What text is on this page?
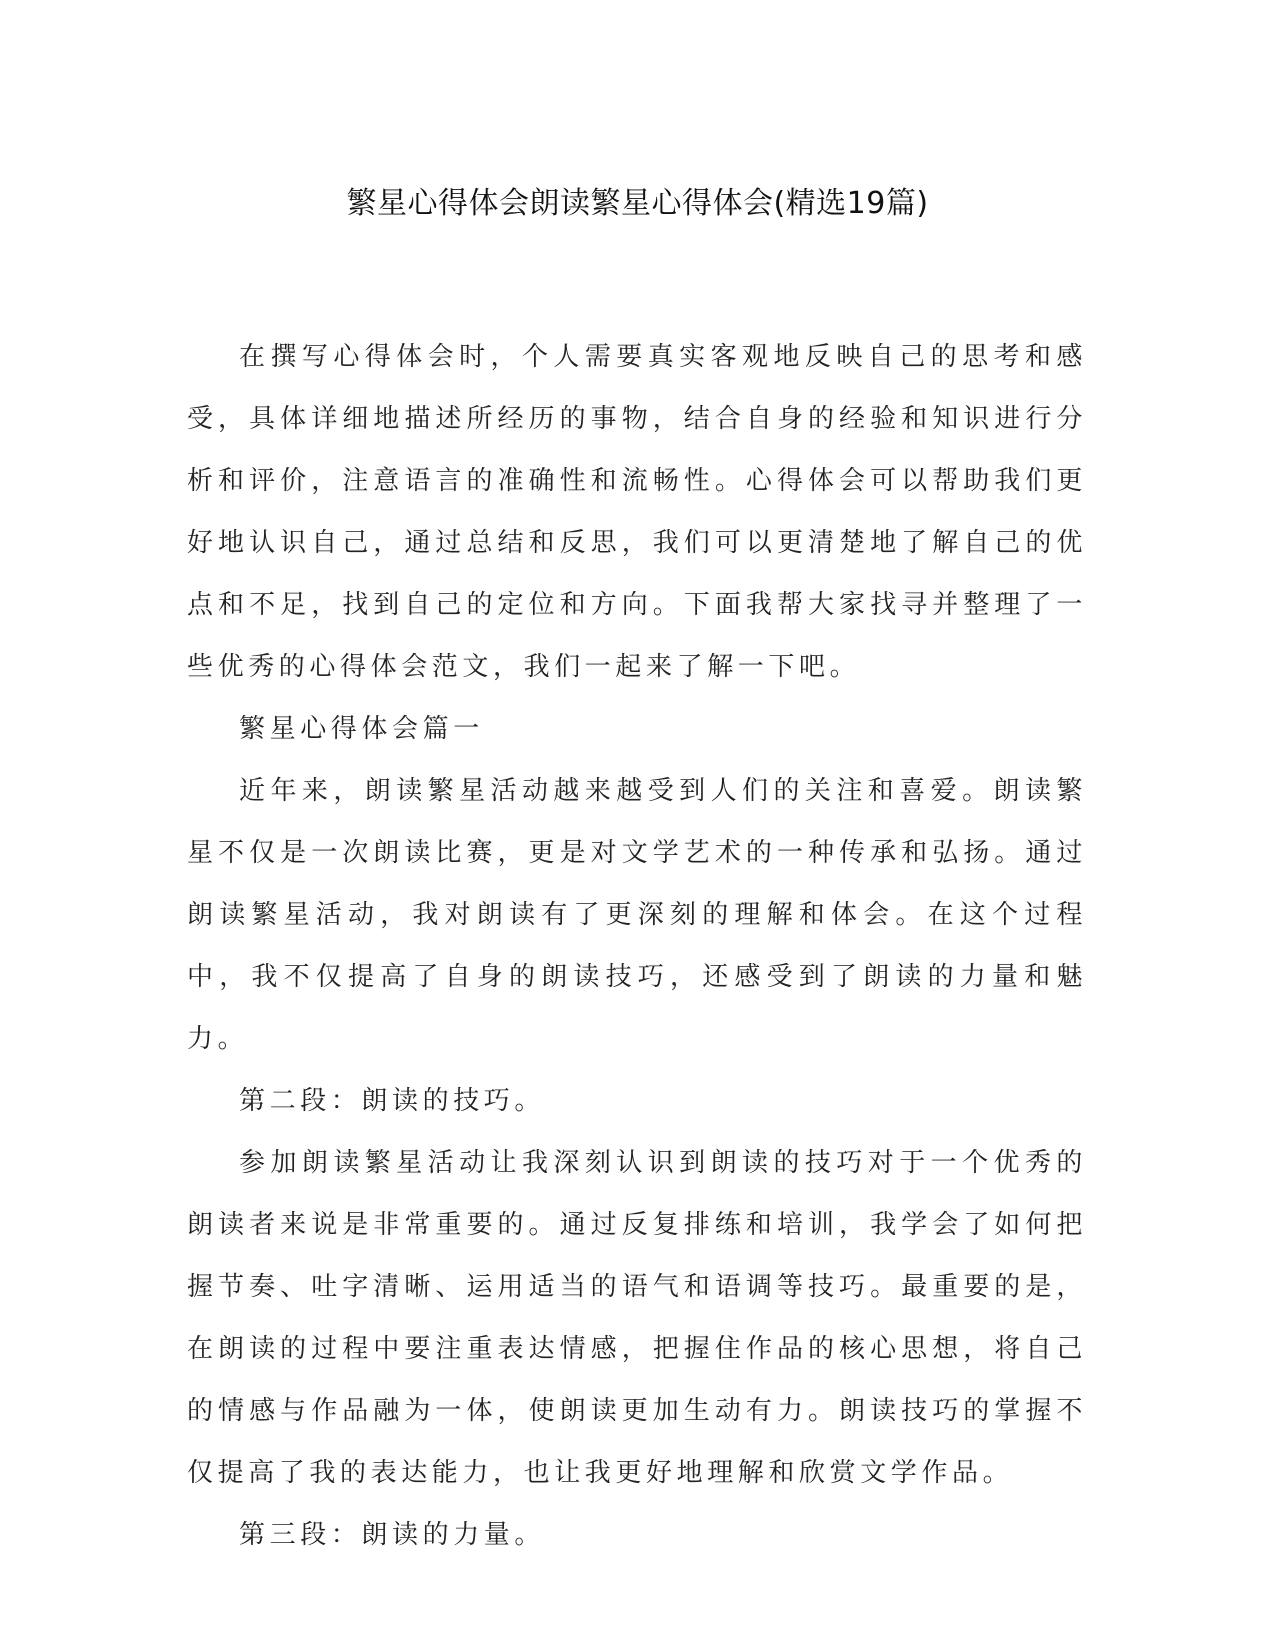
繁星心得体会朗读繁星心得体会(精选19篇)

在撰写心得体会时，个人需要真实客观地反映自己的思考和感受，具体详细地描述所经历的事物，结合自身的经验和知识进行分析和评价，注意语言的准确性和流畅性。心得体会可以帮助我们更好地认识自己，通过总结和反思，我们可以更清楚地了解自己的优点和不足，找到自己的定位和方向。下面我帮大家找寻并整理了一些优秀的心得体会范文，我们一起来了解一下吧。

繁星心得体会篇一

近年来，朗读繁星活动越来越受到人们的关注和喜爱。朗读繁星不仅是一次朗读比赛，更是对文学艺术的一种传承和弘扬。通过朗读繁星活动，我对朗读有了更深刻的理解和体会。在这个过程中，我不仅提高了自身的朗读技巧，还感受到了朗读的力量和魅力。

第二段：朗读的技巧。

参加朗读繁星活动让我深刻认识到朗读的技巧对于一个优秀的朗读者来说是非常重要的。通过反复排练和培训，我学会了如何把握节奏、吐字清晰、运用适当的语气和语调等技巧。最重要的是，在朗读的过程中要注重表达情感，把握住作品的核心思想，将自己的情感与作品融为一体，使朗读更加生动有力。朗读技巧的掌握不仅提高了我的表达能力，也让我更好地理解和欣赏文学作品。

第三段：朗读的力量。
